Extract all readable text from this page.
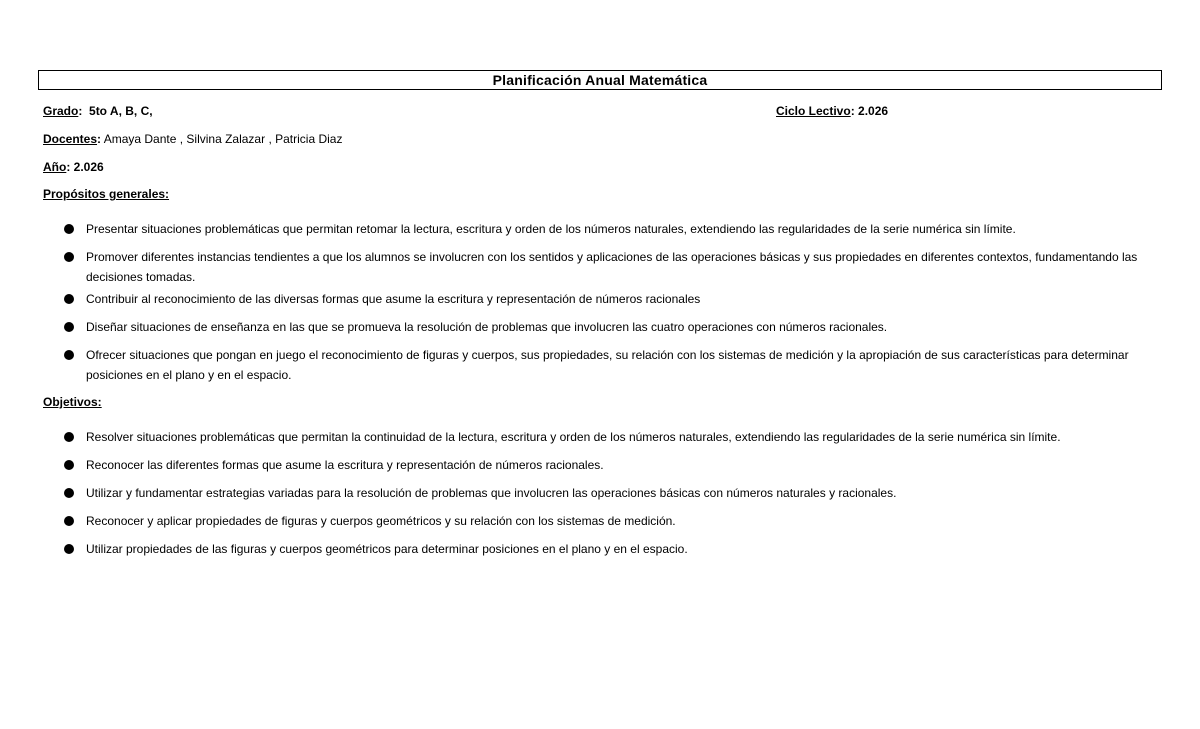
Planificación Anual Matemática
Grado: 5to A, B, C,	Ciclo Lectivo: 2.026
Docentes: Amaya Dante , Silvina Zalazar , Patricia Diaz
Año: 2.026
Propósitos generales:
Presentar situaciones problemáticas que permitan retomar la lectura, escritura y orden de los números naturales, extendiendo las regularidades de la serie numérica sin límite.
Promover diferentes instancias tendientes a que los alumnos se involucren con los sentidos y aplicaciones de las operaciones básicas y sus propiedades en diferentes contextos, fundamentando las decisiones tomadas.
Contribuir al reconocimiento de las diversas formas que asume la escritura y representación de números racionales
Diseñar situaciones de enseñanza en las que se promueva la resolución de problemas que involucren las cuatro operaciones con números racionales.
Ofrecer situaciones que pongan en juego el reconocimiento de figuras y cuerpos, sus propiedades, su relación con los sistemas de medición y la apropiación de sus características para determinar posiciones en el plano y en el espacio.
Objetivos:
Resolver situaciones problemáticas que permitan la continuidad de la lectura, escritura y orden de los números naturales, extendiendo las regularidades de la serie numérica sin límite.
Reconocer las diferentes formas que asume la escritura y representación de números racionales.
Utilizar y fundamentar estrategias variadas para la resolución de problemas que involucren las operaciones básicas con números naturales y racionales.
Reconocer y aplicar propiedades de figuras y cuerpos geométricos y su relación con los sistemas de medición.
Utilizar propiedades de las figuras y cuerpos geométricos para determinar posiciones en el plano y en el espacio.
